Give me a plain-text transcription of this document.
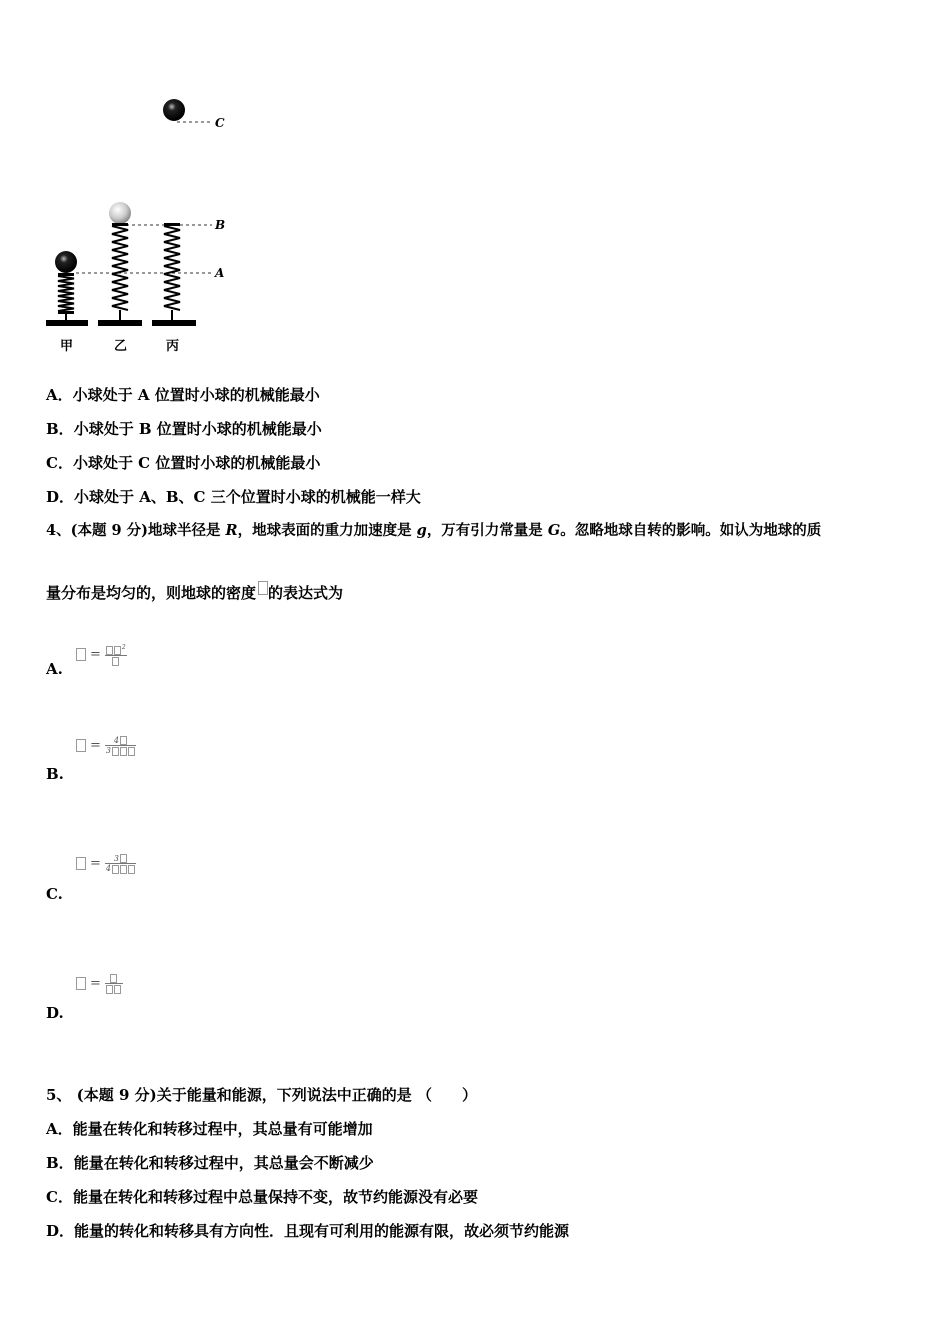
C
B
A
甲	乙	丙
A．小球处于 A 位置时小球的机械能最小
B．小球处于 B 位置时小球的机械能最小
C．小球处于 C 位置时小球的机械能最小
D．小球处于 A、B、C 三个位置时小球的机械能一样大
4、(本题 9 分)地球半径是 R，地球表面的重力加速度是 g，万有引力常量是 G。忽略地球自转的影响。如认为地球的质
量分布是均匀的，则地球的密度 的表达式为
=	$^2$
A.
= $\frac{4}{3}$
B.
= $\frac{3}{4}$
C.
=
D.
5、 (本题 9 分)关于能量和能源，下列说法中正确的是 （　　）
A．能量在转化和转移过程中，其总量有可能增加
B．能量在转化和转移过程中，其总量会不断减少
C．能量在转化和转移过程中总量保持不变，故节约能源没有必要
D．能量的转化和转移具有方向性．且现有可利用的能源有限，故必须节约能源
